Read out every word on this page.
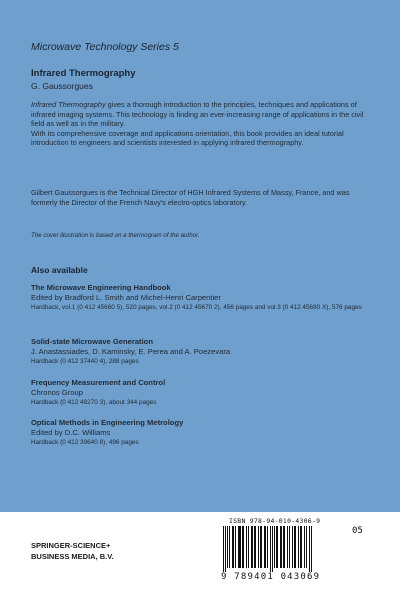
Microwave Technology Series 5
Infrared Thermography
G. Gaussorgues

Infrared Thermography gives a thorough introduction to the principles, techniques and applications of infrared imaging systems. This technology is finding an ever-increasing range of applications in the civil field as well as in the military.
With its comprehensive coverage and applications orientation, this book provides an ideal tutorial introduction to engineers and scientists interested in applying infrared thermography.

Gilbert Gaussorgues is the Technical Director of HGH Infrared Systems of Massy, France, and was formerly the Director of the French Navy's electro-optics laboratory.

The cover illustration is based on a thermogram of the author.
Also available
The Microwave Engineering Handbook
Edited by Bradford L. Smith and Michel-Henri Carpentier
Hardback, vol.1 (0 412 45660 5), 520 pages, vol.2 (0 412 45670 2), 456 pages and vol.3 (0 412 45680 X), 576 pages
Solid-state Microwave Generation
J. Anastassiades, D. Kaminsky, E. Perea and A. Poezevara
Hardback (0 412 37440 4), 288 pages
Frequency Measurement and Control
Chronos Group
Hardback (0 412 48270 3), about 344 pages
Optical Methods in Engineering Metrology
Edited by D.C. Williams
Hardback (0 412 39640 8), 496 pages
SPRINGER-SCIENCE+
BUSINESS MEDIA, B.V.
ISBN 978-94-010-4306-9
05
9 789401 043069
